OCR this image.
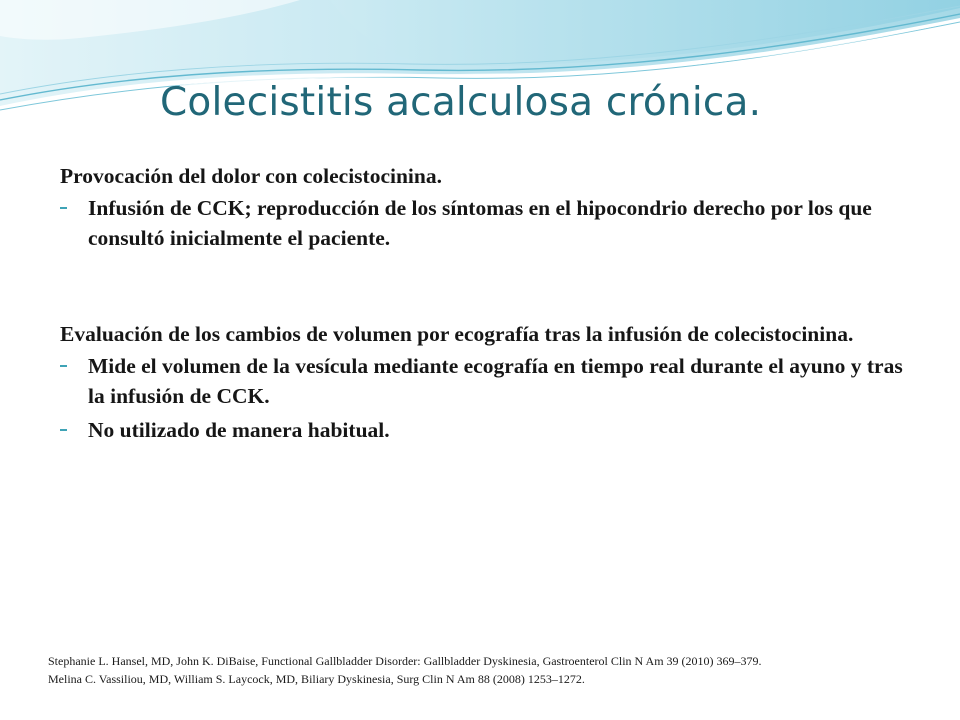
Colecistitis acalculosa crónica.

Provocación del dolor con colecistocinina.

Infusión de CCK; reproducción de los síntomas en el hipocondrio derecho por los que consultó inicialmente el paciente.

Evaluación de los cambios de volumen por ecografía tras la infusión de colecistocinina.

Mide el volumen de la vesícula mediante ecografía en tiempo real durante el ayuno y tras la infusión de CCK.
No utilizado de manera habitual.

Stephanie L. Hansel, MD, John K. DiBaise, Functional Gallbladder Disorder: Gallbladder Dyskinesia, Gastroenterol Clin N Am 39 (2010) 369–379.

Melina C. Vassiliou, MD, William S. Laycock, MD, Biliary Dyskinesia, Surg Clin N Am 88 (2008) 1253–1272.
